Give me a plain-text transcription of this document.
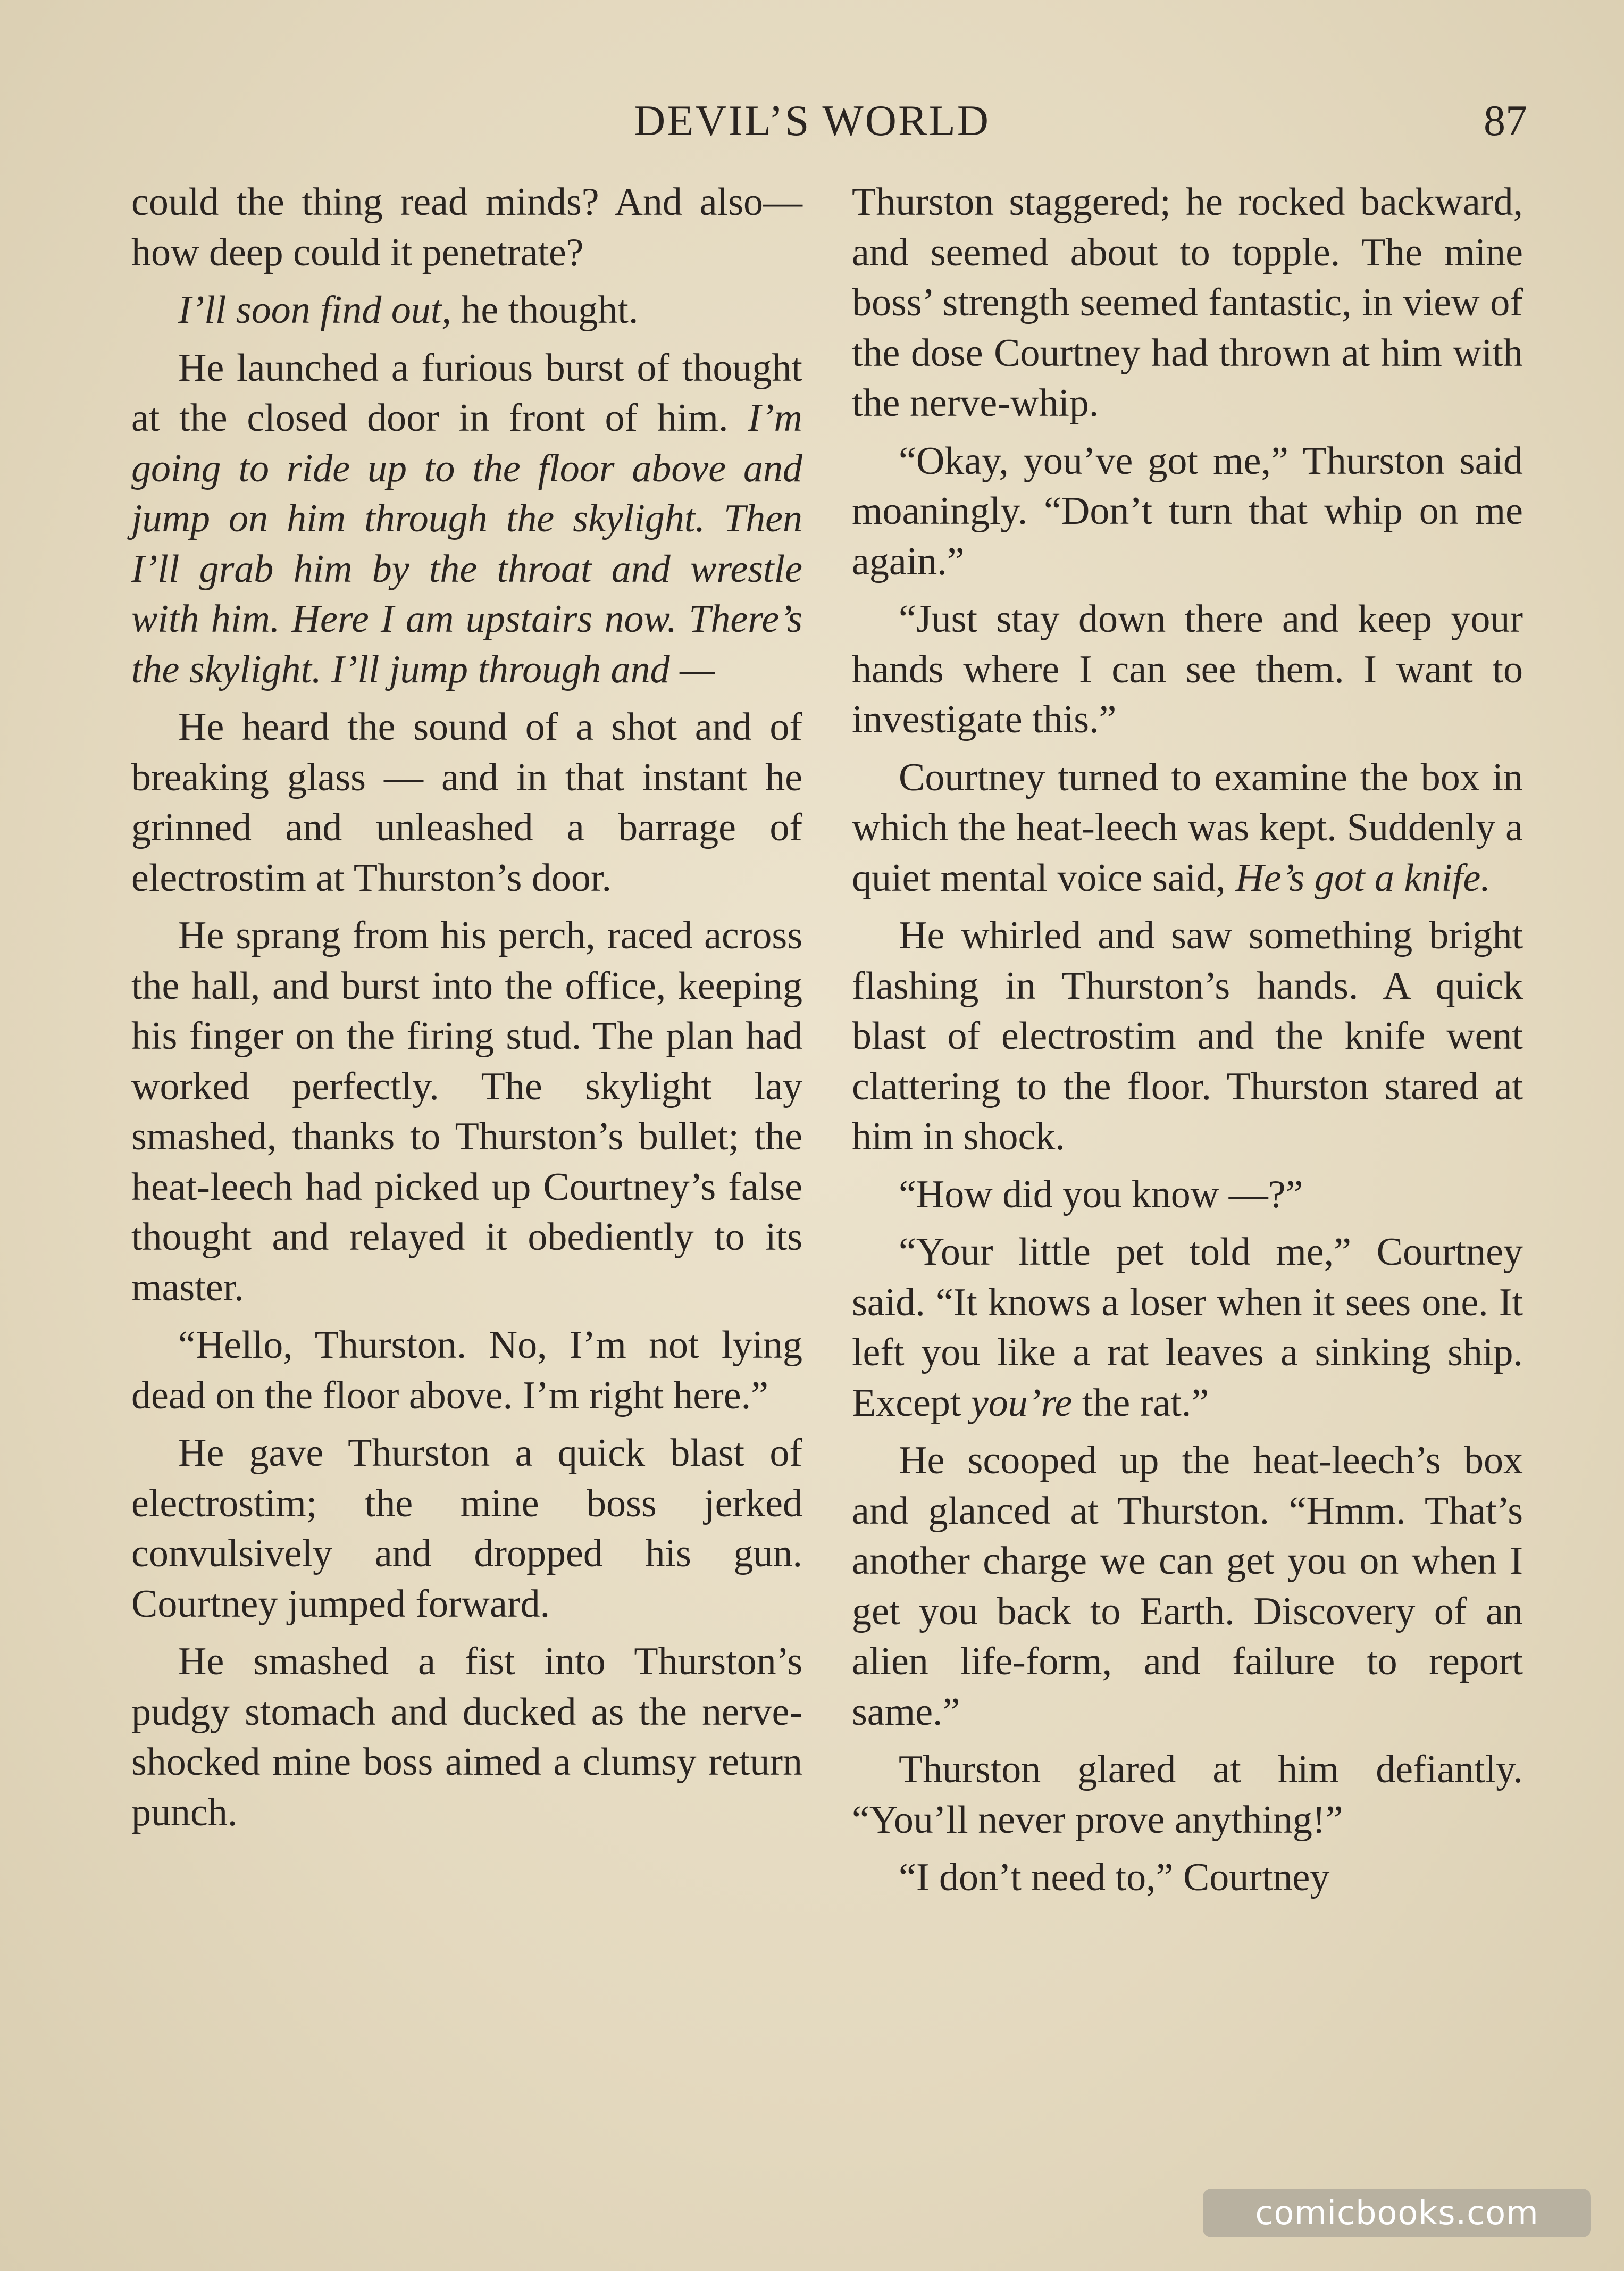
DEVIL’S WORLD	87

could the thing read minds? And also—how deep could it penetrate?

I’ll soon find out, he thought.

He launched a furious burst of thought at the closed door in front of him. I’m going to ride up to the floor above and jump on him through the skylight. Then I’ll grab him by the throat and wrestle with him. Here I am upstairs now. There’s the skylight. I’ll jump through and —

He heard the sound of a shot and of breaking glass — and in that instant he grinned and unleashed a barrage of electrostim at Thurston’s door.

He sprang from his perch, raced across the hall, and burst into the office, keeping his finger on the firing stud. The plan had worked perfectly. The skylight lay smashed, thanks to Thurston’s bullet; the heat-leech had picked up Courtney’s false thought and relayed it obediently to its master.

“Hello, Thurston. No, I’m not lying dead on the floor above. I’m right here.”

He gave Thurston a quick blast of electrostim; the mine boss jerked convulsively and dropped his gun. Courtney jumped forward.

He smashed a fist into Thurston’s pudgy stomach and ducked as the nerve-shocked mine boss aimed a clumsy return punch.

Thurston staggered; he rocked backward, and seemed about to topple. The mine boss’ strength seemed fantastic, in view of the dose Courtney had thrown at him with the nerve-whip.

“Okay, you’ve got me,” Thurston said moaningly. “Don’t turn that whip on me again.”

“Just stay down there and keep your hands where I can see them. I want to investigate this.”

Courtney turned to examine the box in which the heat-leech was kept. Suddenly a quiet mental voice said, He’s got a knife.

He whirled and saw something bright flashing in Thurston’s hands. A quick blast of electrostim and the knife went clattering to the floor. Thurston stared at him in shock.

“How did you know —?”

“Your little pet told me,” Courtney said. “It knows a loser when it sees one. It left you like a rat leaves a sinking ship. Except you’re the rat.”

He scooped up the heat-leech’s box and glanced at Thurston. “Hmm. That’s another charge we can get you on when I get you back to Earth. Discovery of an alien life-form, and failure to report same.”

Thurston glared at him defiantly. “You’ll never prove anything!”

“I don’t need to,” Courtney

comicbooks.com
